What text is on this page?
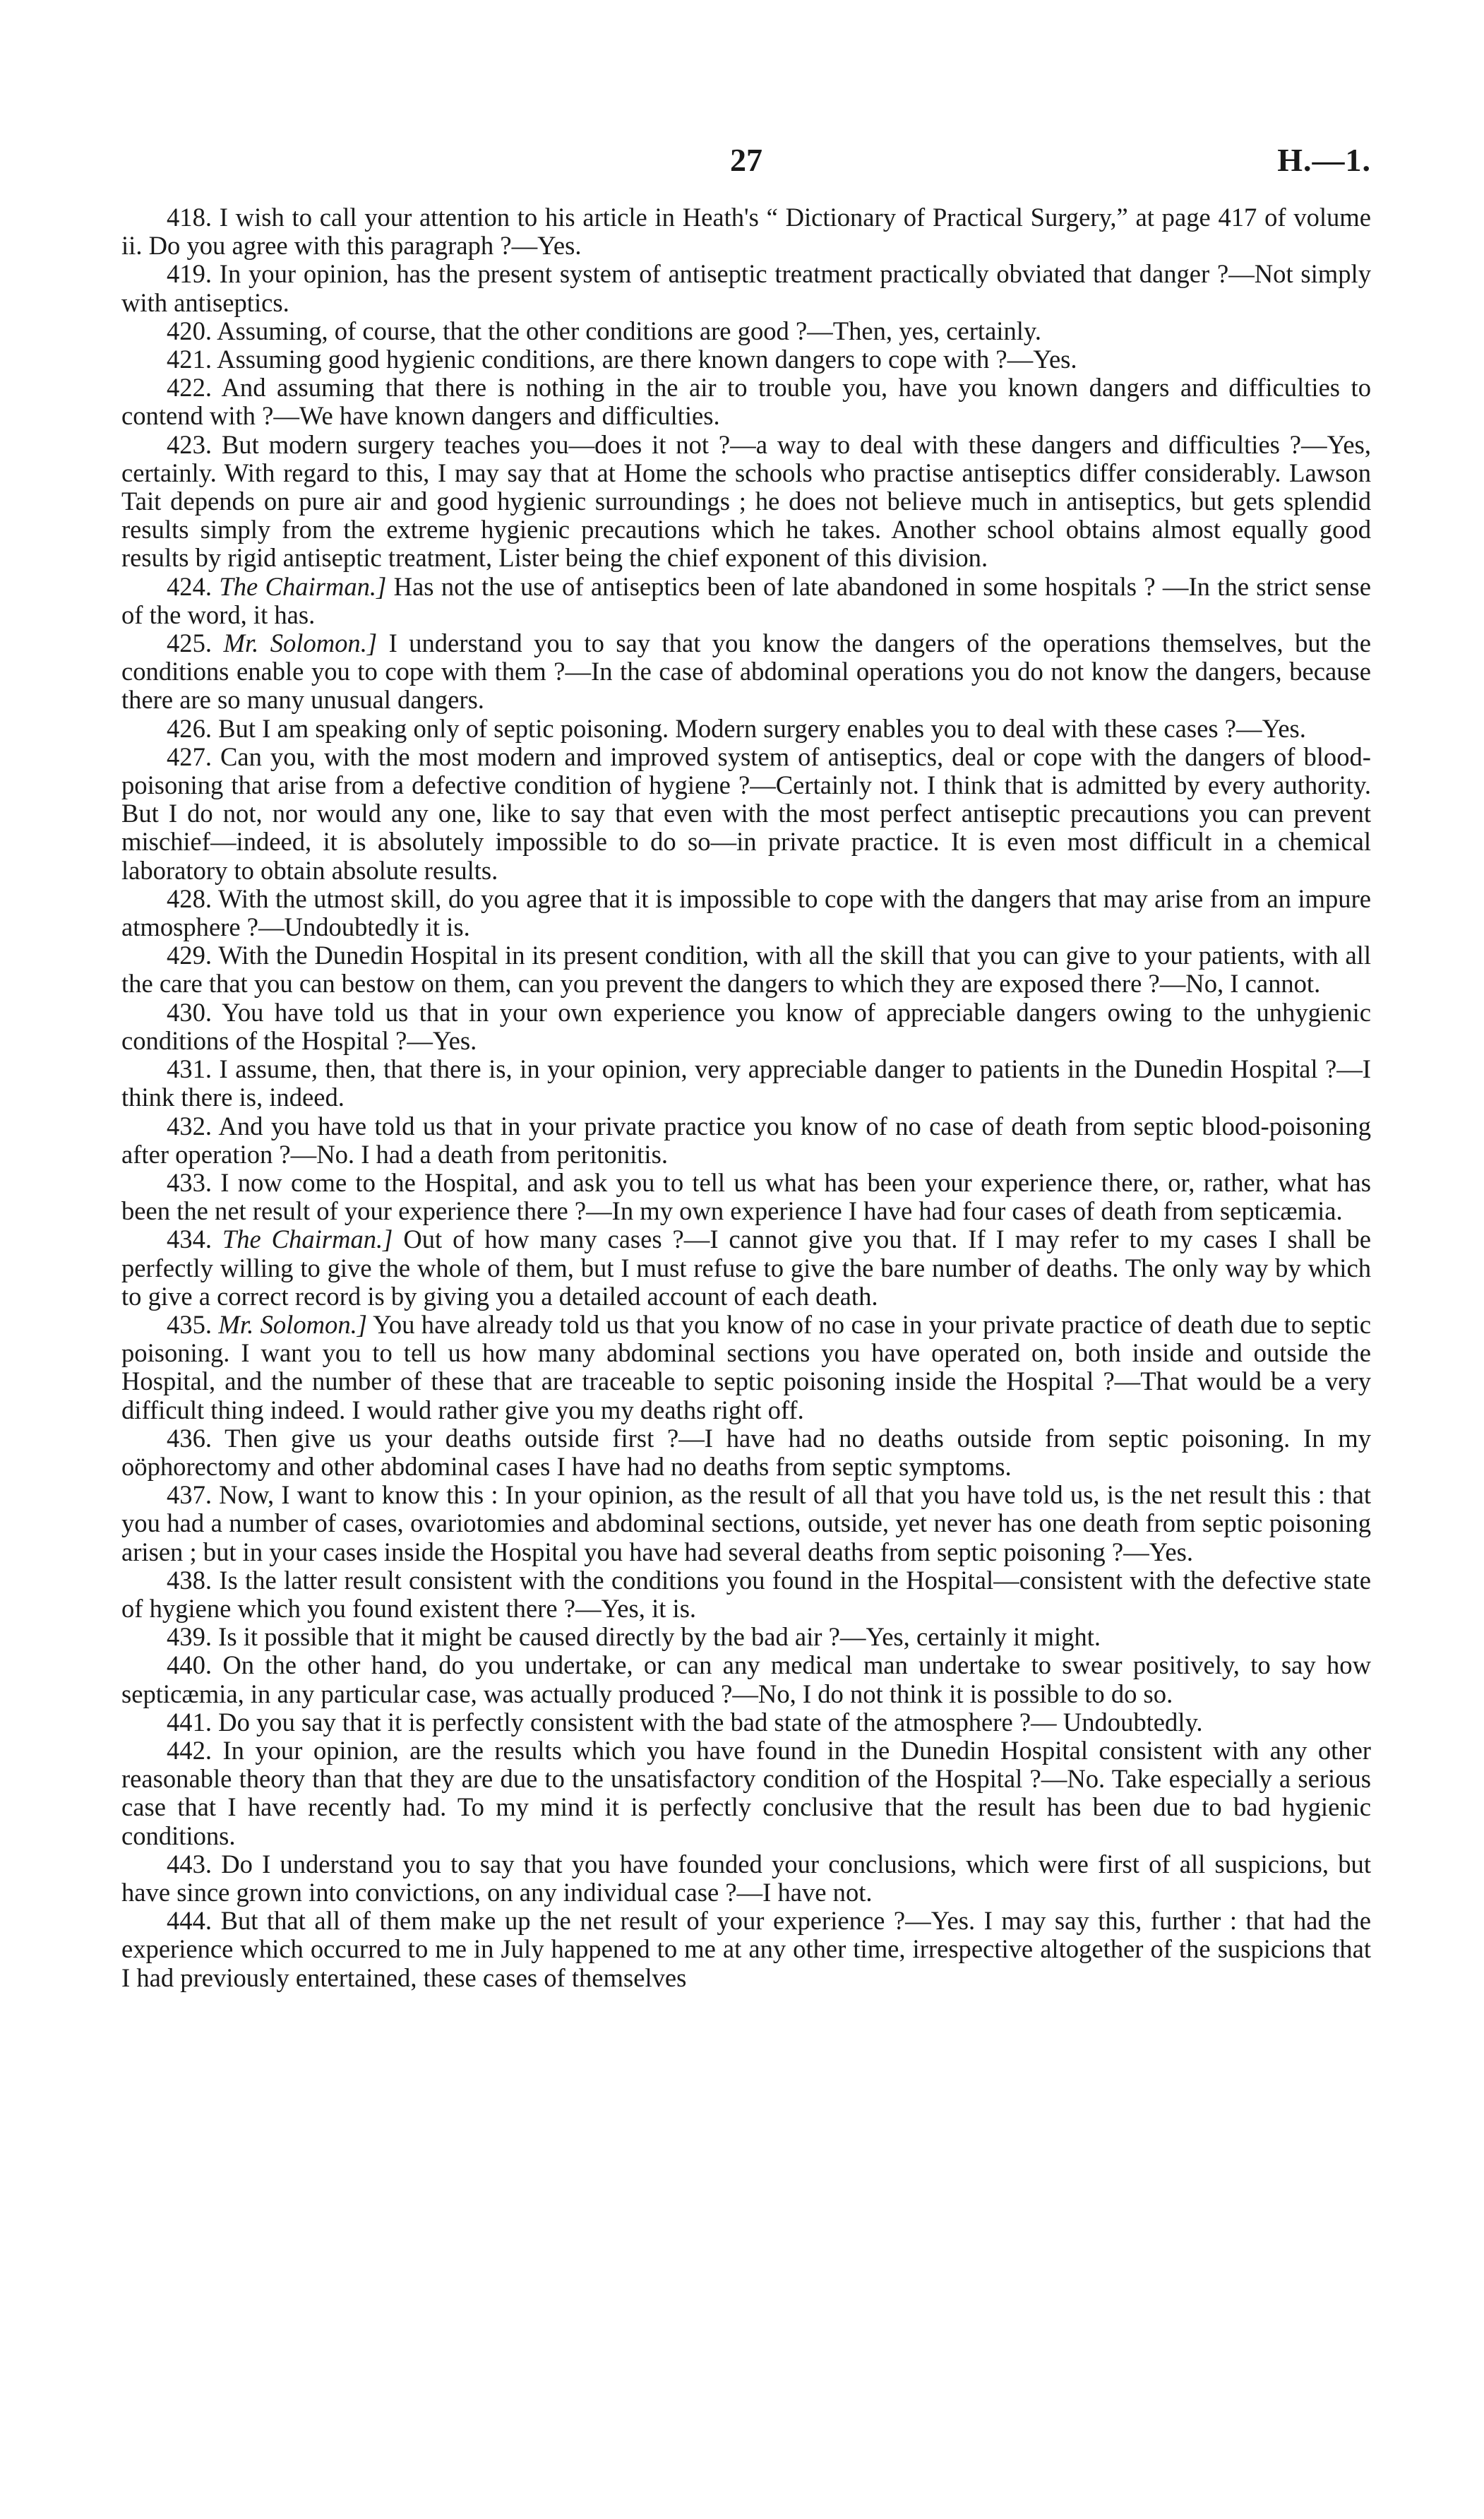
27	H.—1.

418. I wish to call your attention to his article in Heath's “ Dictionary of Practical Surgery,” at page 417 of volume ii. Do you agree with this paragraph ?—Yes.

419. In your opinion, has the present system of antiseptic treatment practically obviated that danger ?—Not simply with antiseptics.

420. Assuming, of course, that the other conditions are good ?—Then, yes, certainly.

421. Assuming good hygienic conditions, are there known dangers to cope with ?—Yes.

422. And assuming that there is nothing in the air to trouble you, have you known dangers and difficulties to contend with ?—We have known dangers and difficulties.

423. But modern surgery teaches you—does it not ?—a way to deal with these dangers and difficulties ?—Yes, certainly. With regard to this, I may say that at Home the schools who practise antiseptics differ considerably. Lawson Tait depends on pure air and good hygienic surroundings ; he does not believe much in antiseptics, but gets splendid results simply from the extreme hygienic precautions which he takes. Another school obtains almost equally good results by rigid antiseptic treatment, Lister being the chief exponent of this division.

424. The Chairman.] Has not the use of antiseptics been of late abandoned in some hospitals ? —In the strict sense of the word, it has.

425. Mr. Solomon.] I understand you to say that you know the dangers of the operations themselves, but the conditions enable you to cope with them ?—In the case of abdominal operations you do not know the dangers, because there are so many unusual dangers.

426. But I am speaking only of septic poisoning. Modern surgery enables you to deal with these cases ?—Yes.

427. Can you, with the most modern and improved system of antiseptics, deal or cope with the dangers of blood-poisoning that arise from a defective condition of hygiene ?—Certainly not. I think that is admitted by every authority. But I do not, nor would any one, like to say that even with the most perfect antiseptic precautions you can prevent mischief—indeed, it is absolutely impossible to do so—in private practice. It is even most difficult in a chemical laboratory to obtain absolute results.

428. With the utmost skill, do you agree that it is impossible to cope with the dangers that may arise from an impure atmosphere ?—Undoubtedly it is.

429. With the Dunedin Hospital in its present condition, with all the skill that you can give to your patients, with all the care that you can bestow on them, can you prevent the dangers to which they are exposed there ?—No, I cannot.

430. You have told us that in your own experience you know of appreciable dangers owing to the unhygienic conditions of the Hospital ?—Yes.

431. I assume, then, that there is, in your opinion, very appreciable danger to patients in the Dunedin Hospital ?—I think there is, indeed.

432. And you have told us that in your private practice you know of no case of death from septic blood-poisoning after operation ?—No. I had a death from peritonitis.

433. I now come to the Hospital, and ask you to tell us what has been your experience there, or, rather, what has been the net result of your experience there ?—In my own experience I have had four cases of death from septicæmia.

434. The Chairman.] Out of how many cases ?—I cannot give you that. If I may refer to my cases I shall be perfectly willing to give the whole of them, but I must refuse to give the bare number of deaths. The only way by which to give a correct record is by giving you a detailed account of each death.

435. Mr. Solomon.] You have already told us that you know of no case in your private practice of death due to septic poisoning. I want you to tell us how many abdominal sections you have operated on, both inside and outside the Hospital, and the number of these that are traceable to septic poisoning inside the Hospital ?—That would be a very difficult thing indeed. I would rather give you my deaths right off.

436. Then give us your deaths outside first ?—I have had no deaths outside from septic poisoning. In my oöphorectomy and other abdominal cases I have had no deaths from septic symptoms.

437. Now, I want to know this : In your opinion, as the result of all that you have told us, is the net result this : that you had a number of cases, ovariotomies and abdominal sections, outside, yet never has one death from septic poisoning arisen ; but in your cases inside the Hospital you have had several deaths from septic poisoning ?—Yes.

438. Is the latter result consistent with the conditions you found in the Hospital—consistent with the defective state of hygiene which you found existent there ?—Yes, it is.

439. Is it possible that it might be caused directly by the bad air ?—Yes, certainly it might.

440. On the other hand, do you undertake, or can any medical man undertake to swear positively, to say how septicæmia, in any particular case, was actually produced ?—No, I do not think it is possible to do so.

441. Do you say that it is perfectly consistent with the bad state of the atmosphere ?— Undoubtedly.

442. In your opinion, are the results which you have found in the Dunedin Hospital consistent with any other reasonable theory than that they are due to the unsatisfactory condition of the Hospital ?—No. Take especially a serious case that I have recently had. To my mind it is perfectly conclusive that the result has been due to bad hygienic conditions.

443. Do I understand you to say that you have founded your conclusions, which were first of all suspicions, but have since grown into convictions, on any individual case ?—I have not.

444. But that all of them make up the net result of your experience ?—Yes. I may say this, further : that had the experience which occurred to me in July happened to me at any other time, irrespective altogether of the suspicions that I had previously entertained, these cases of themselves
